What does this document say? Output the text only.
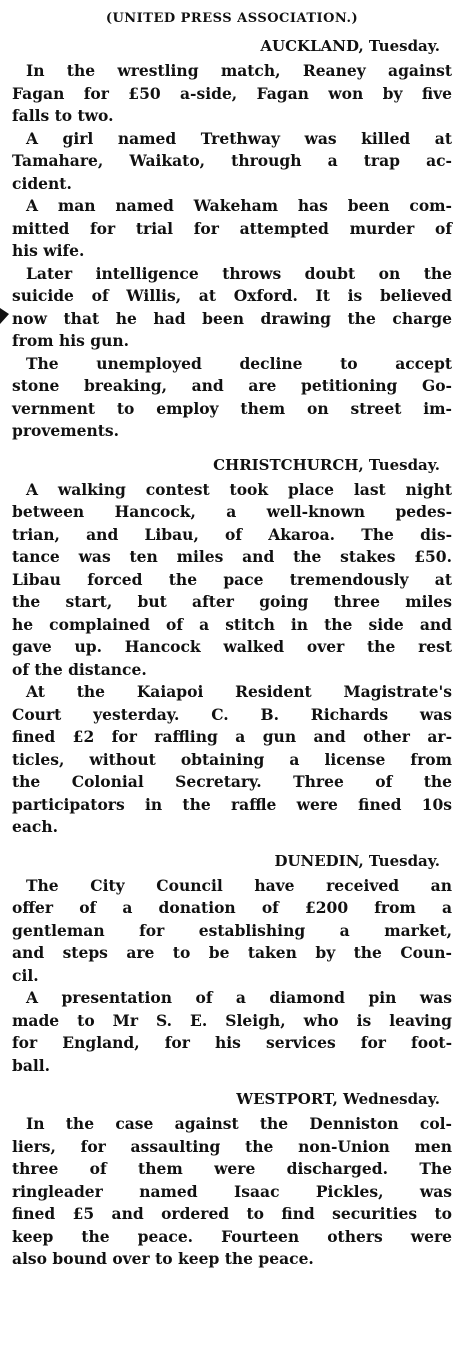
(UNITED PRESS ASSOCIATION.)
AUCKLAND, Tuesday.
In the wrestling match, Reaney against
Fagan for £50 a-side, Fagan won by five
falls to two.
A girl named Trethway was killed at
Tamahare, Waikato, through a trap ac-
cident.
A man named Wakeham has been com-
mitted for trial for attempted murder of
his wife.
Later intelligence throws doubt on the
suicide of Willis, at Oxford. It is believed
now that he had been drawing the charge
from his gun.
The unemployed decline to accept
stone breaking, and are petitioning Go-
vernment to employ them on street im-
provements.
CHRISTCHURCH, Tuesday.
A walking contest took place last night
between Hancock, a well-known pedes-
trian, and Libau, of Akaroa. The dis-
tance was ten miles and the stakes £50.
Libau forced the pace tremendously at
the start, but after going three miles
he complained of a stitch in the side and
gave up. Hancock walked over the rest
of the distance.
At the Kaiapoi Resident Magistrate's
Court yesterday. C. B. Richards was
fined £2 for raffling a gun and other ar-
ticles, without obtaining a license from
the Colonial Secretary. Three of the
participators in the raffle were fined 10s
each.
DUNEDIN, Tuesday.
The City Council have received an
offer of a donation of £200 from a
gentleman for establishing a market,
and steps are to be taken by the Coun-
cil.
A presentation of a diamond pin was
made to Mr S. E. Sleigh, who is leaving
for England, for his services for foot-
ball.
WESTPORT, Wednesday.
In the case against the Denniston col-
liers, for assaulting the non-Union men
three of them were discharged. The
ringleader named Isaac Pickles, was
fined £5 and ordered to find securities to
keep the peace. Fourteen others were
also bound over to keep the peace.
